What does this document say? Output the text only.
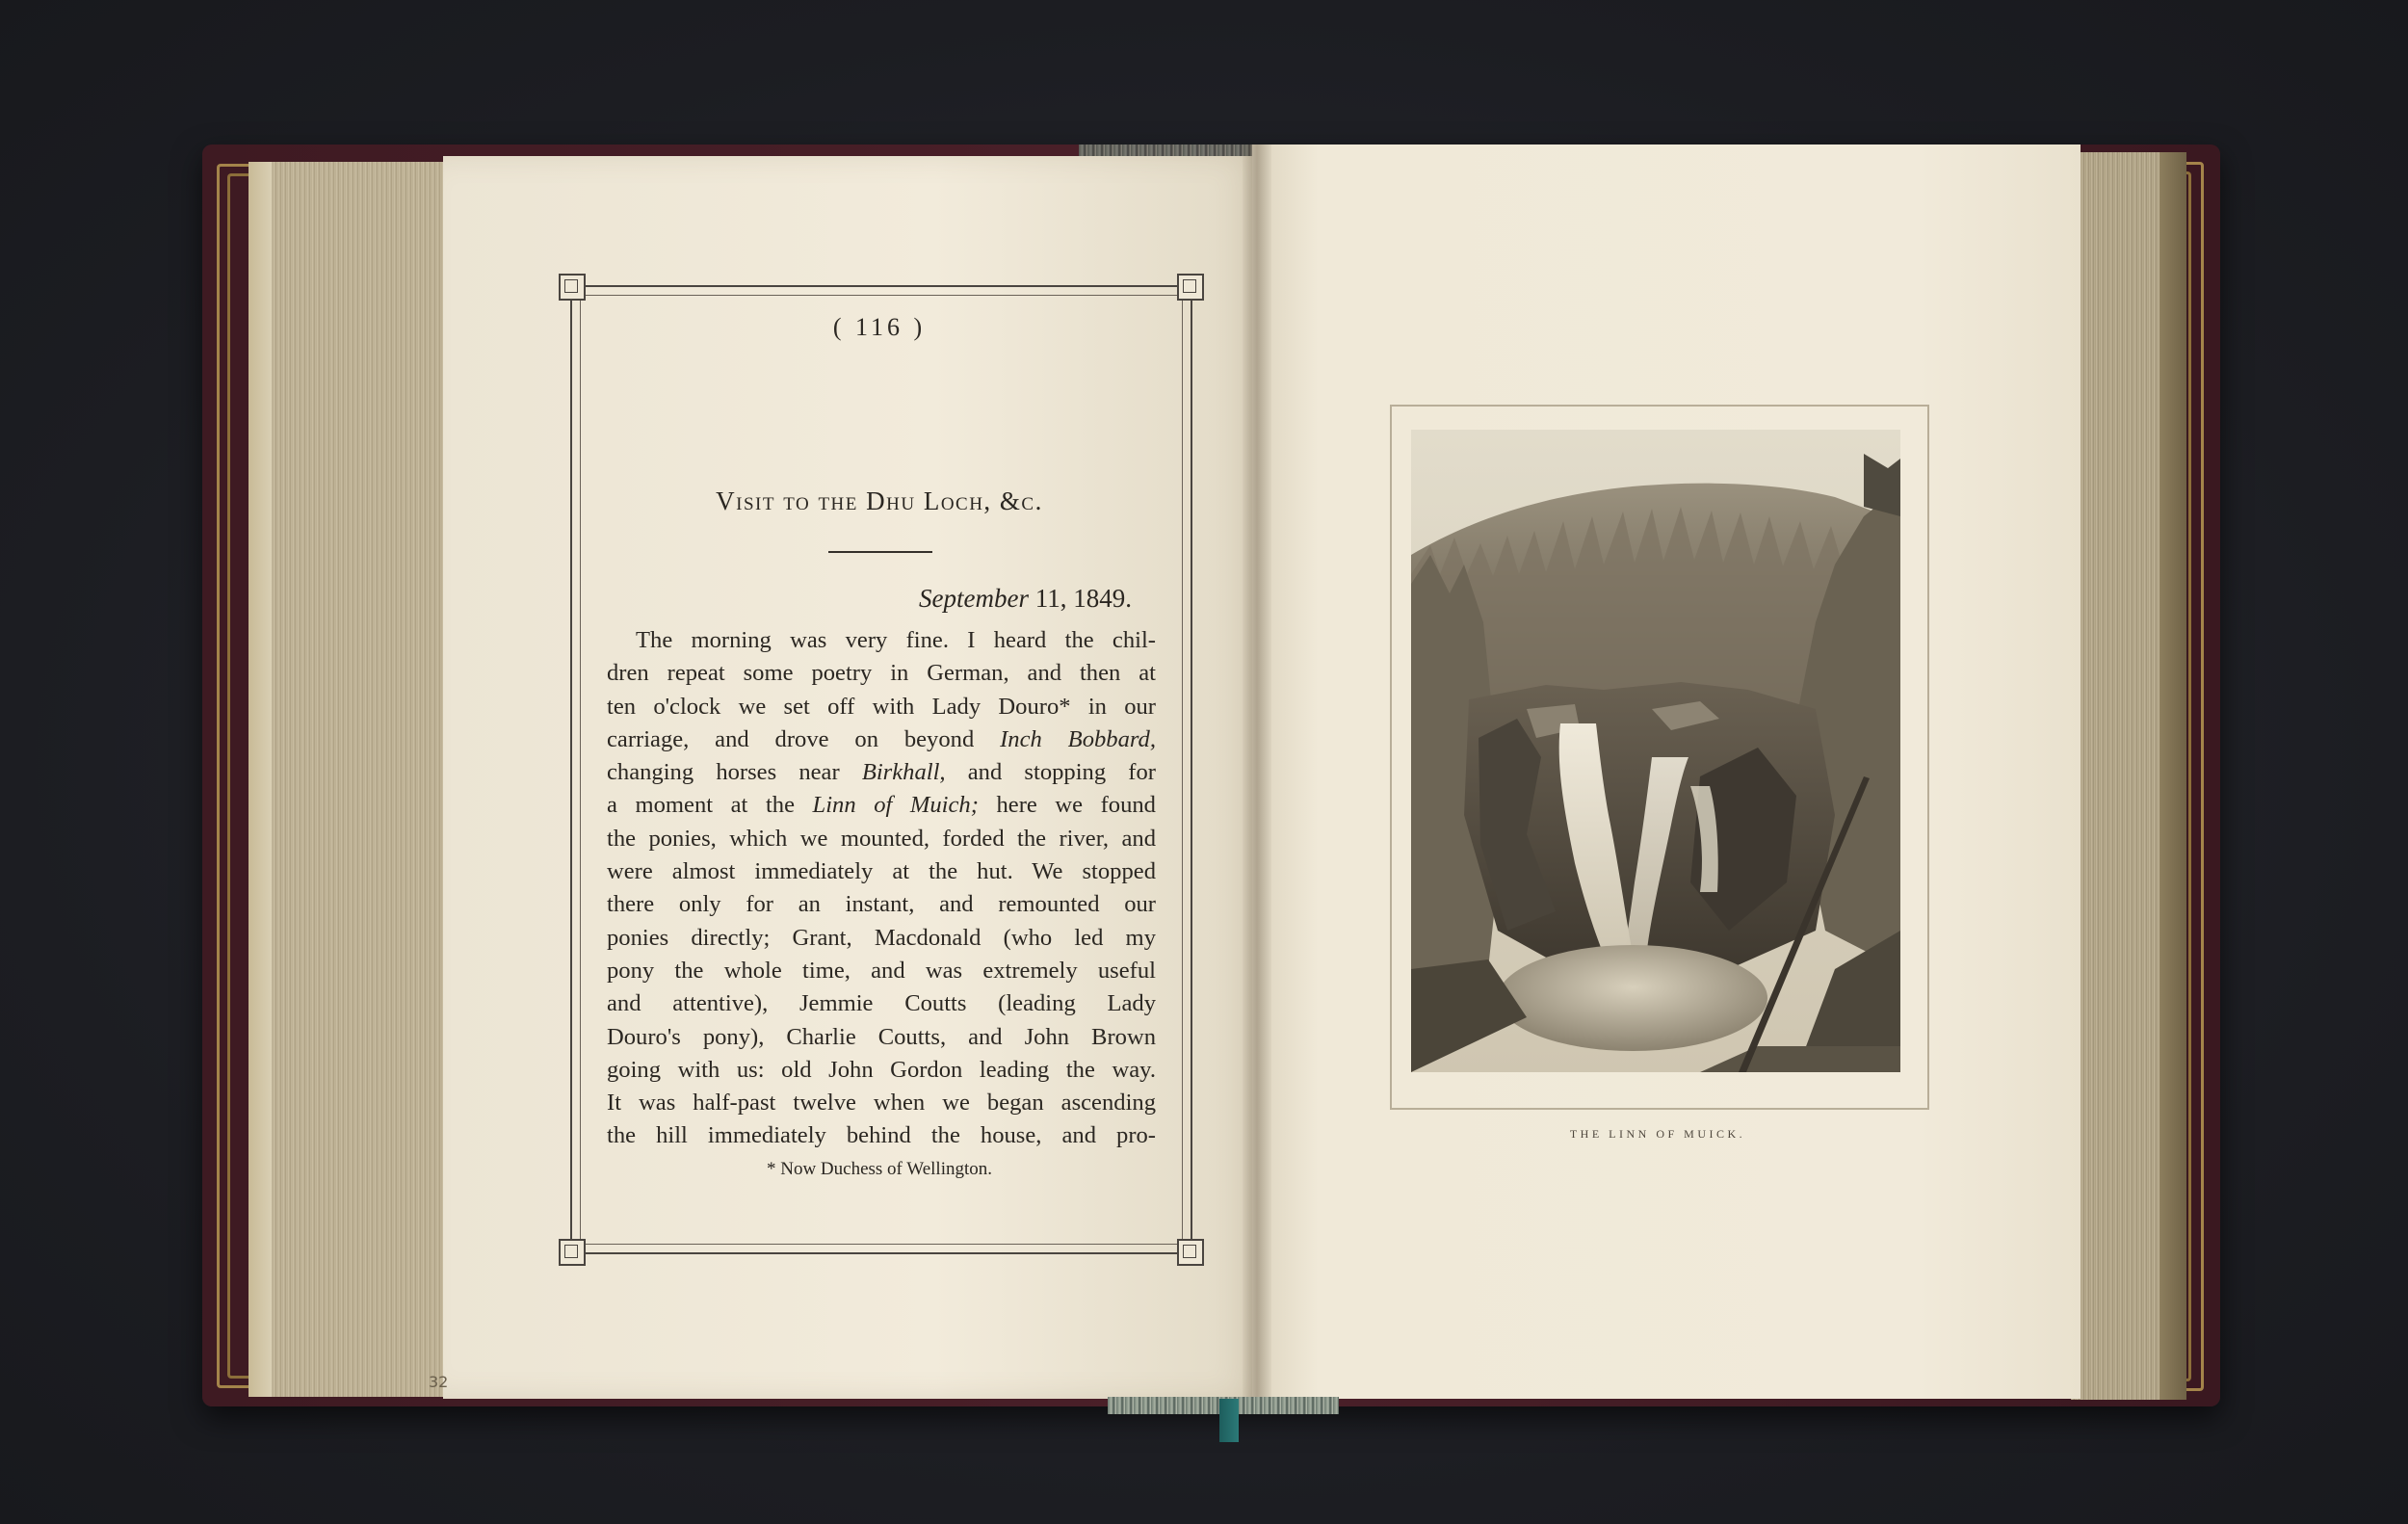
( 116 )
Visit to the Dhu Loch, &c.
September 11, 1849.
The morning was very fine. I heard the chil-
dren repeat some poetry in German, and then at
ten o'clock we set off with Lady Douro* in our
carriage, and drove on beyond Inch Bobbard,
changing horses near Birkhall, and stopping for
a moment at the Linn of Muich; here we found
the ponies, which we mounted, forded the river, and
were almost immediately at the hut. We stopped
there only for an instant, and remounted our
ponies directly; Grant, Macdonald (who led my
pony the whole time, and was extremely useful
and attentive), Jemmie Coutts (leading Lady
Douro's pony), Charlie Coutts, and John Brown
going with us: old John Gordon leading the way.
It was half-past twelve when we began ascending
the hill immediately behind the house, and pro-
* Now Duchess of Wellington.
32
THE LINN OF MUICK.
